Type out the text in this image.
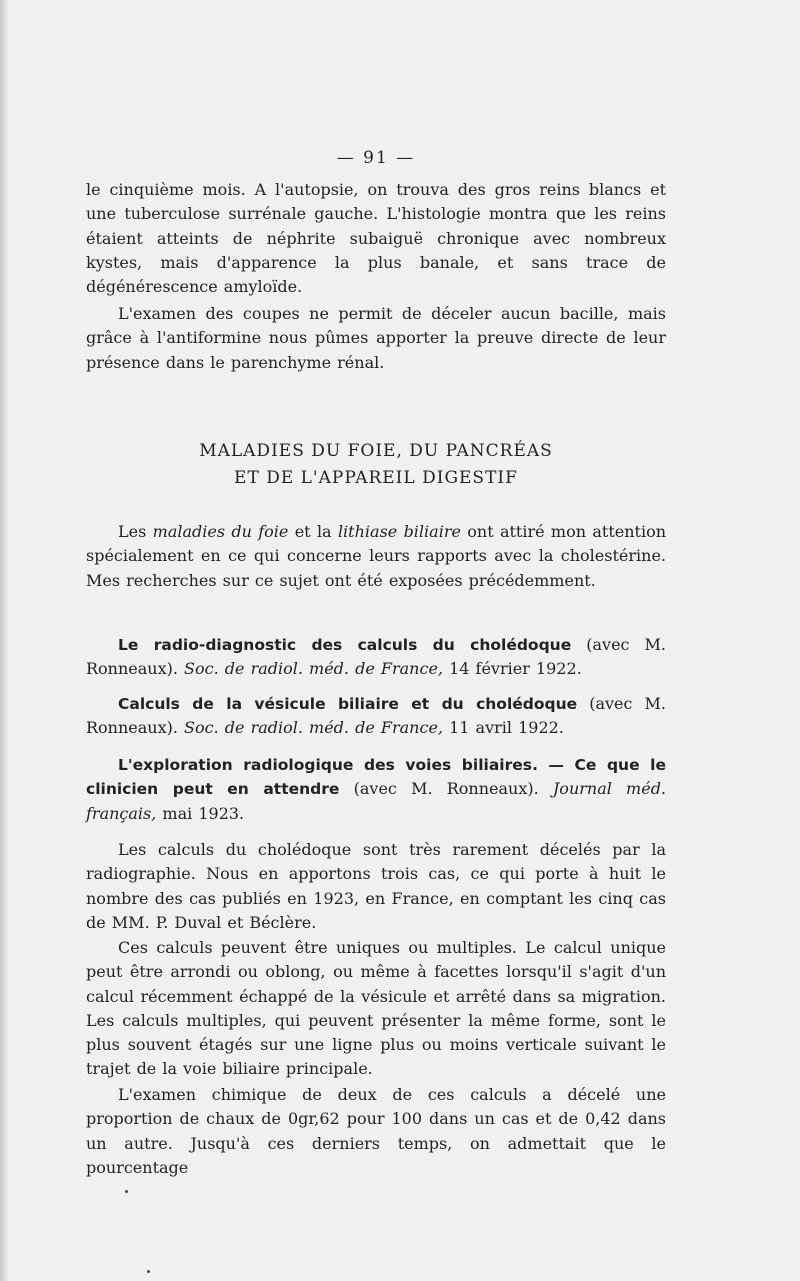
— 91 —

le cinquième mois. A l'autopsie, on trouva des gros reins blancs et une tuberculose surrénale gauche. L'histologie montra que les reins étaient atteints de néphrite subaiguë chronique avec nombreux kystes, mais d'apparence la plus banale, et sans trace de dégénérescence amyloïde.

L'examen des coupes ne permit de déceler aucun bacille, mais grâce à l'antiformine nous pûmes apporter la preuve directe de leur présence dans le parenchyme rénal.

MALADIES DU FOIE, DU PANCRÉAS
ET DE L'APPAREIL DIGESTIF

Les maladies du foie et la lithiase biliaire ont attiré mon attention spécialement en ce qui concerne leurs rapports avec la cholestérine. Mes recherches sur ce sujet ont été exposées précédemment.

Le radio-diagnostic des calculs du cholédoque (avec M. Ronneaux). Soc. de radiol. méd. de France, 14 février 1922.

Calculs de la vésicule biliaire et du cholédoque (avec M. Ronneaux). Soc. de radiol. méd. de France, 11 avril 1922.

L'exploration radiologique des voies biliaires. — Ce que le clinicien peut en attendre (avec M. Ronneaux). Journal méd. français, mai 1923.

Les calculs du cholédoque sont très rarement décelés par la radiographie. Nous en apportons trois cas, ce qui porte à huit le nombre des cas publiés en 1923, en France, en comptant les cinq cas de MM. P. Duval et Béclère.

Ces calculs peuvent être uniques ou multiples. Le calcul unique peut être arrondi ou oblong, ou même à facettes lorsqu'il s'agit d'un calcul récemment échappé de la vésicule et arrêté dans sa migration. Les calculs multiples, qui peuvent présenter la même forme, sont le plus souvent étagés sur une ligne plus ou moins verticale suivant le trajet de la voie biliaire principale.

L'examen chimique de deux de ces calculs a décelé une proportion de chaux de 0gr,62 pour 100 dans un cas et de 0,42 dans un autre. Jusqu'à ces derniers temps, on admettait que le pourcentage
